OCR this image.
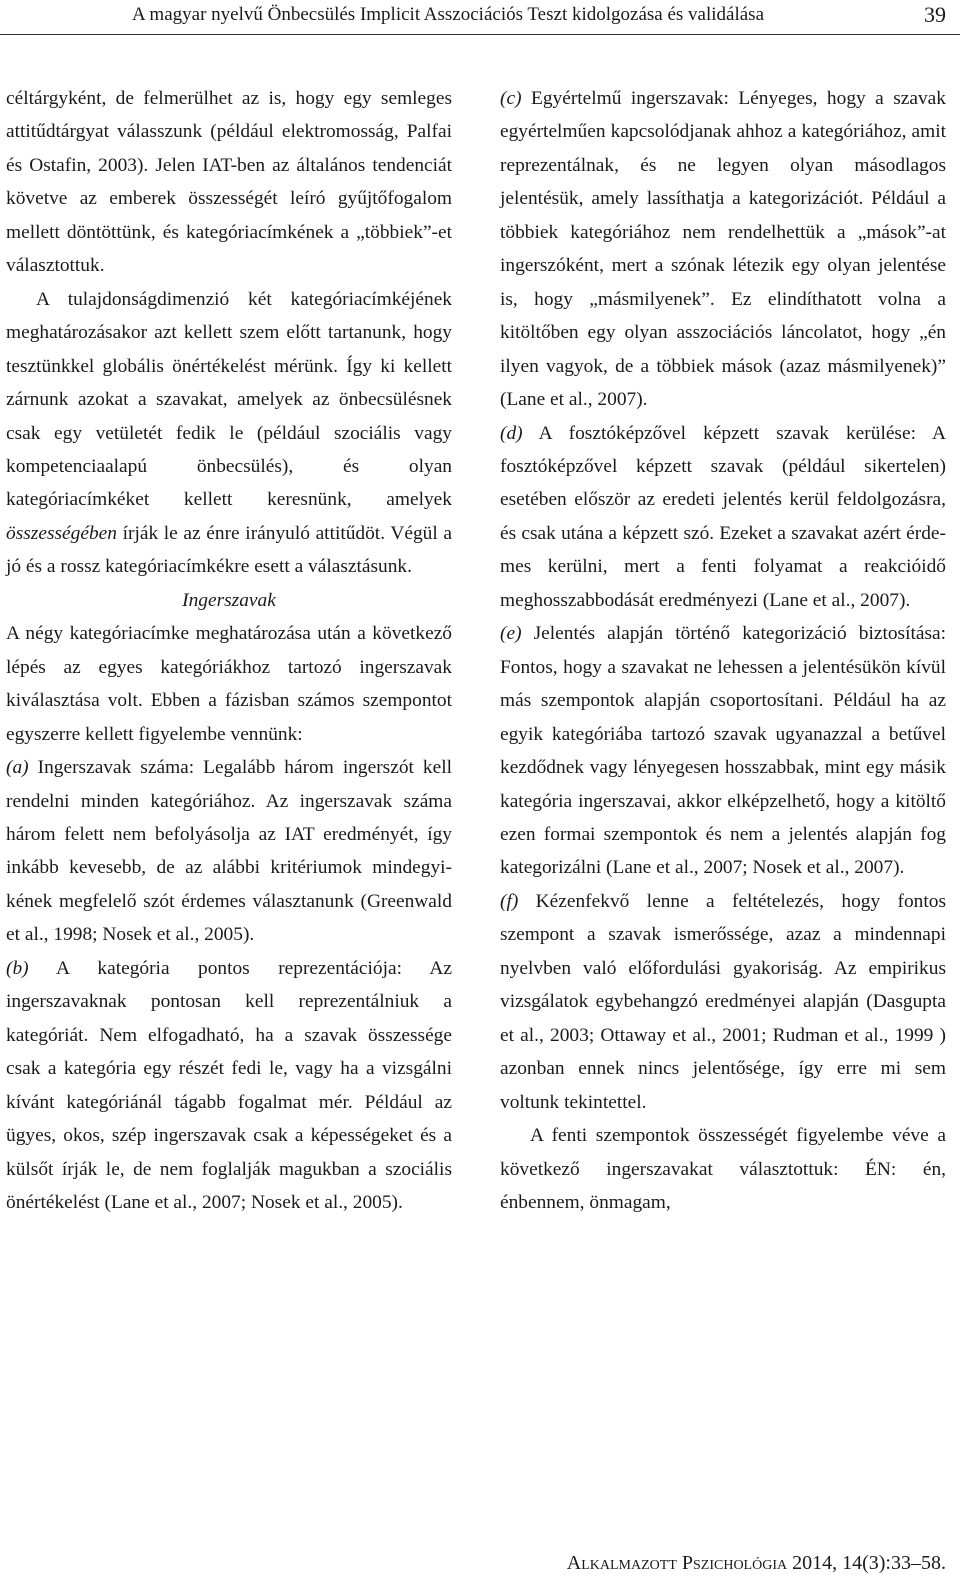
A magyar nyelvű Önbecsülés Implicit Asszociációs Teszt kidolgozása és validálása	39

céltárgyként, de felmerülhet az is, hogy egy semleges attitűdtárgyat válasszunk (például elektromosság, Palfai és Ostafin, 2003). Jelen IAT-ben az általános tendenciát követve az emberek összességét leíró gyűjtőfogalom mellett döntöttünk, és kategóriacímkének a „többiek”-et választottuk.

A tulajdonságdimenzió két kategóriacímkéjének meghatározásakor azt kellett szem előtt tartanunk, hogy tesztünkkel globális önértékelést mérünk. Így ki kellett zárnunk azokat a szavakat, amelyek az önbecsülésnek csak egy vetületét fedik le (például szociális vagy kompetenciaalapú önbecsülés), és olyan kategóriacímkéket kellett keresnünk, amelyek összességében írják le az énre irányuló attitűdöt. Végül a jó és a rossz kategóriacímkékre esett a választásunk.

Ingerszavak

A négy kategóriacímke meghatározása után a következő lépés az egyes kategóriákhoz tartozó ingerszavak kiválasztása volt. Ebben a fázisban számos szempontot egyszerre kellett figyelembe vennünk:

(a) Ingerszavak száma: Legalább három ingerszót kell rendelni minden kategóriához. Az ingerszavak száma három felett nem befolyásolja az IAT eredményét, így inkább kevesebb, de az alábbi kritériumok mindegyikének megfelelő szót érdemes választanunk (Greenwald et al., 1998; Nosek et al., 2005).

(b) A kategória pontos reprezentációja: Az ingerszavaknak pontosan kell reprezentálniuk a kategóriát. Nem elfogadható, ha a szavak összessége csak a kategória egy részét fedi le, vagy ha a vizsgálni kívánt kategóriánál tágabb fogalmat mér. Például az ügyes, okos, szép ingerszavak csak a képességeket és a külsőt írják le, de nem foglalják magukban a szociális önértékelést (Lane et al., 2007; Nosek et al., 2005).

(c) Egyértelmű ingerszavak: Lényeges, hogy a szavak egyértelműen kapcsolódjanak ahhoz a kategóriához, amit reprezentálnak, és ne legyen olyan másodlagos jelentésük, amely lassíthatja a kategorizációt. Például a többiek kategóriához nem rendelhettük a „mások”-at ingerszóként, mert a szónak létezik egy olyan jelentése is, hogy „másmilyenek”. Ez elindíthatott volna a kitöltőben egy olyan asszociációs láncolatot, hogy „én ilyen vagyok, de a többiek mások (azaz másmilyenek)” (Lane et al., 2007).

(d) A fosztóképzővel képzett szavak kerülése: A fosztóképzővel képzett szavak (például sikertelen) esetében először az eredeti jelentés kerül feldolgozásra, és csak utána a képzett szó. Ezeket a szavakat azért érdemes kerülni, mert a fenti folyamat a reakcióidő meghosszabbodását eredményezi (Lane et al., 2007).

(e) Jelentés alapján történő kategorizáció biztosítása: Fontos, hogy a szavakat ne lehessen a jelentésükön kívül más szempontok alapján csoportosítani. Például ha az egyik kategóriába tartozó szavak ugyanazzal a betűvel kezdődnek vagy lényegesen hosszabbak, mint egy másik kategória ingerszavai, akkor elképzelhető, hogy a kitöltő ezen formai szempontok és nem a jelentés alapján fog kategorizálni (Lane et al., 2007; Nosek et al., 2007).

(f) Kézenfekvő lenne a feltételezés, hogy fontos szempont a szavak ismerőssége, azaz a mindennapi nyelvben való előfordulási gyakoriság. Az empirikus vizsgálatok egybehangzó eredményei alapján (Dasgupta et al., 2003; Ottaway et al., 2001; Rudman et al., 1999 ) azonban ennek nincs jelentősége, így erre mi sem voltunk tekintettel.

A fenti szempontok összességét figyelembe véve a következő ingerszavakat választottuk: ÉN: én, énbennem, önmagam,

Alkalmazott Pszichológia 2014, 14(3):33–58.
